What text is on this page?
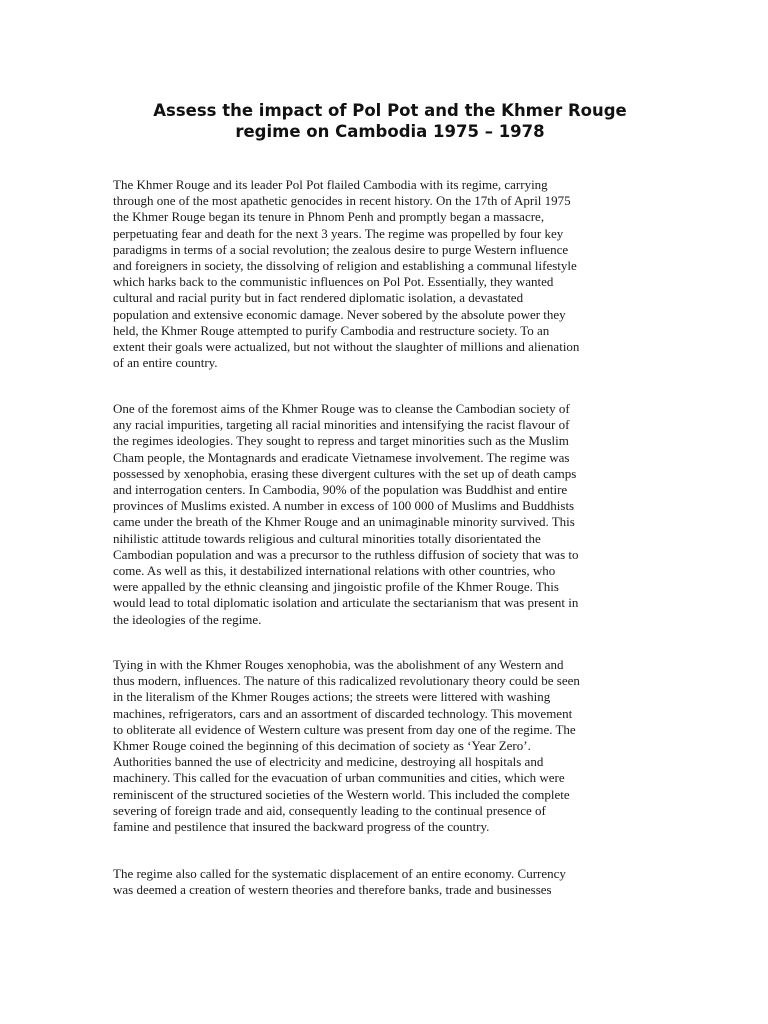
Assess the impact of Pol Pot and the Khmer Rouge
regime on Cambodia 1975 – 1978

The Khmer Rouge and its leader Pol Pot flailed Cambodia with its regime, carrying
through one of the most apathetic genocides in recent history. On the 17th of April 1975
the Khmer Rouge began its tenure in Phnom Penh and promptly began a massacre,
perpetuating fear and death for the next 3 years. The regime was propelled by four key
paradigms in terms of a social revolution; the zealous desire to purge Western influence
and foreigners in society, the dissolving of religion and establishing a communal lifestyle
which harks back to the communistic influences on Pol Pot. Essentially, they wanted
cultural and racial purity but in fact rendered diplomatic isolation, a devastated
population and extensive economic damage. Never sobered by the absolute power they
held, the Khmer Rouge attempted to purify Cambodia and restructure society. To an
extent their goals were actualized, but not without the slaughter of millions and alienation
of an entire country.

One of the foremost aims of the Khmer Rouge was to cleanse the Cambodian society of
any racial impurities, targeting all racial minorities and intensifying the racist flavour of
the regimes ideologies. They sought to repress and target minorities such as the Muslim
Cham people, the Montagnards and eradicate Vietnamese involvement. The regime was
possessed by xenophobia, erasing these divergent cultures with the set up of death camps
and interrogation centers. In Cambodia, 90% of the population was Buddhist and entire
provinces of Muslims existed. A number in excess of 100 000 of Muslims and Buddhists
came under the breath of the Khmer Rouge and an unimaginable minority survived. This
nihilistic attitude towards religious and cultural minorities totally disorientated the
Cambodian population and was a precursor to the ruthless diffusion of society that was to
come. As well as this, it destabilized international relations with other countries, who
were appalled by the ethnic cleansing and jingoistic profile of the Khmer Rouge. This
would lead to total diplomatic isolation and articulate the sectarianism that was present in
the ideologies of the regime.

Tying in with the Khmer Rouges xenophobia, was the abolishment of any Western and
thus modern, influences. The nature of this radicalized revolutionary theory could be seen
in the literalism of the Khmer Rouges actions; the streets were littered with washing
machines, refrigerators, cars and an assortment of discarded technology. This movement
to obliterate all evidence of Western culture was present from day one of the regime. The
Khmer Rouge coined the beginning of this decimation of society as ‘Year Zero’.
Authorities banned the use of electricity and medicine, destroying all hospitals and
machinery. This called for the evacuation of urban communities and cities, which were
reminiscent of the structured societies of the Western world. This included the complete
severing of foreign trade and aid, consequently leading to the continual presence of
famine and pestilence that insured the backward progress of the country.

The regime also called for the systematic displacement of an entire economy. Currency
was deemed a creation of western theories and therefore banks, trade and businesses
